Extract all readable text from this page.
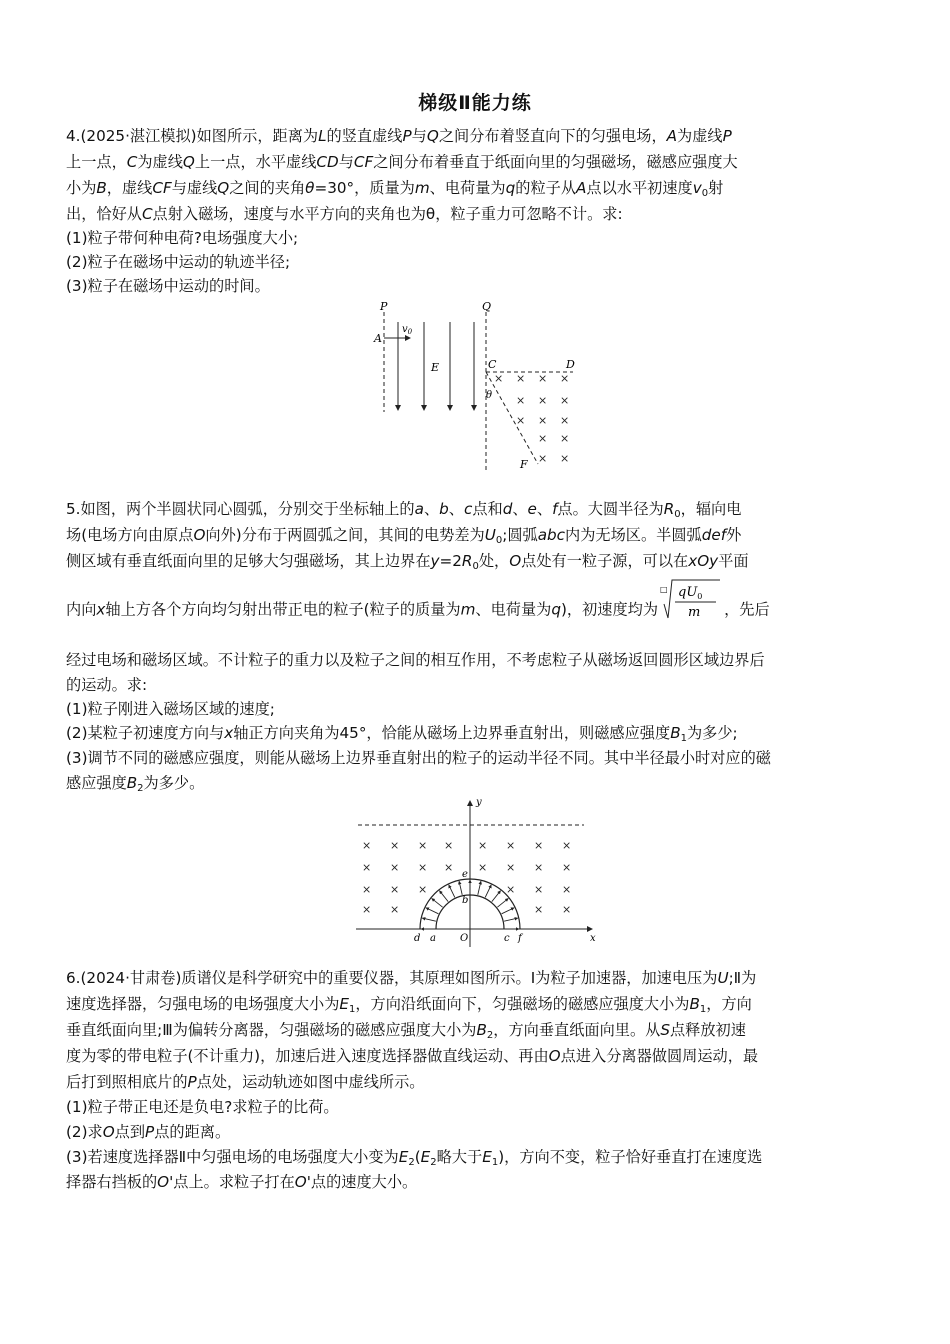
梯级Ⅱ能力练
4.(2025·湛江模拟)如图所示，距离为L的竖直虚线P与Q之间分布着竖直向下的匀强电场，A为虚线P
上一点，C为虚线Q上一点，水平虚线CD与CF之间分布着垂直于纸面向里的匀强磁场，磁感应强度大
小为B，虚线CF与虚线Q之间的夹角θ=30°，质量为m、电荷量为q的粒子从A点以水平初速度$v_0$射
出，恰好从C点射入磁场，速度与水平方向的夹角也为θ，粒子重力可忽略不计。求:
(1)粒子带何种电荷?电场强度大小;
(2)粒子在磁场中运动的轨迹半径;
(3)粒子在磁场中运动的时间。
P	Q
A
$v_0$
E	C	D
θ
F
× × × ×
× × ×
× × ×
× ×
× ×
5.如图，两个半圆状同心圆弧，分别交于坐标轴上的a、b、c点和d、e、f点。大圆半径为$R_0$，辐向电
场(电场方向由原点O向外)分布于两圆弧之间，其间的电势差为$U_0$;圆弧abc内为无场区。半圆弧def外
侧区域有垂直纸面向里的足够大匀强磁场，其上边界在$y=2R_0$处，O点处有一粒子源，可以在xOy平面
内向x轴上方各个方向均匀射出带正电的粒子(粒子的质量为m、电荷量为q)，初速度均为
□ $qU_0$
m ，先后
经过电场和磁场区域。不计粒子的重力以及粒子之间的相互作用，不考虑粒子从磁场返回圆形区域边界后
的运动。求:
(1)粒子刚进入磁场区域的速度;
(2)某粒子初速度方向与x轴正方向夹角为45°，恰能从磁场上边界垂直射出，则磁感应强度$B_1$为多少;
(3)调节不同的磁感应强度，则能从磁场上边界垂直射出的粒子的运动半径不同。其中半径最小时对应的磁
感应强度$B_2$为多少。
y
x
× × × × × × × ×
× × × × × × × ×
× × ×	× × ×
× ×	× ×
d a O	c f
b
e
6.(2024·甘肃卷)质谱仪是科学研究中的重要仪器，其原理如图所示。Ⅰ为粒子加速器，加速电压为U;Ⅱ为
速度选择器，匀强电场的电场强度大小为$E_1$，方向沿纸面向下，匀强磁场的磁感应强度大小为$B_1$，方向
垂直纸面向里;Ⅲ为偏转分离器，匀强磁场的磁感应强度大小为$B_2$，方向垂直纸面向里。从S点释放初速
度为零的带电粒子(不计重力)，加速后进入速度选择器做直线运动、再由O点进入分离器做圆周运动，最
后打到照相底片的P点处，运动轨迹如图中虚线所示。
(1)粒子带正电还是负电?求粒子的比荷。
(2)求O点到P点的距离。
(3)若速度选择器Ⅱ中匀强电场的电场强度大小变为$E_2(E_2$略大于$E_1$)，方向不变，粒子恰好垂直打在速度选
择器右挡板的O'点上。求粒子打在O'点的速度大小。
